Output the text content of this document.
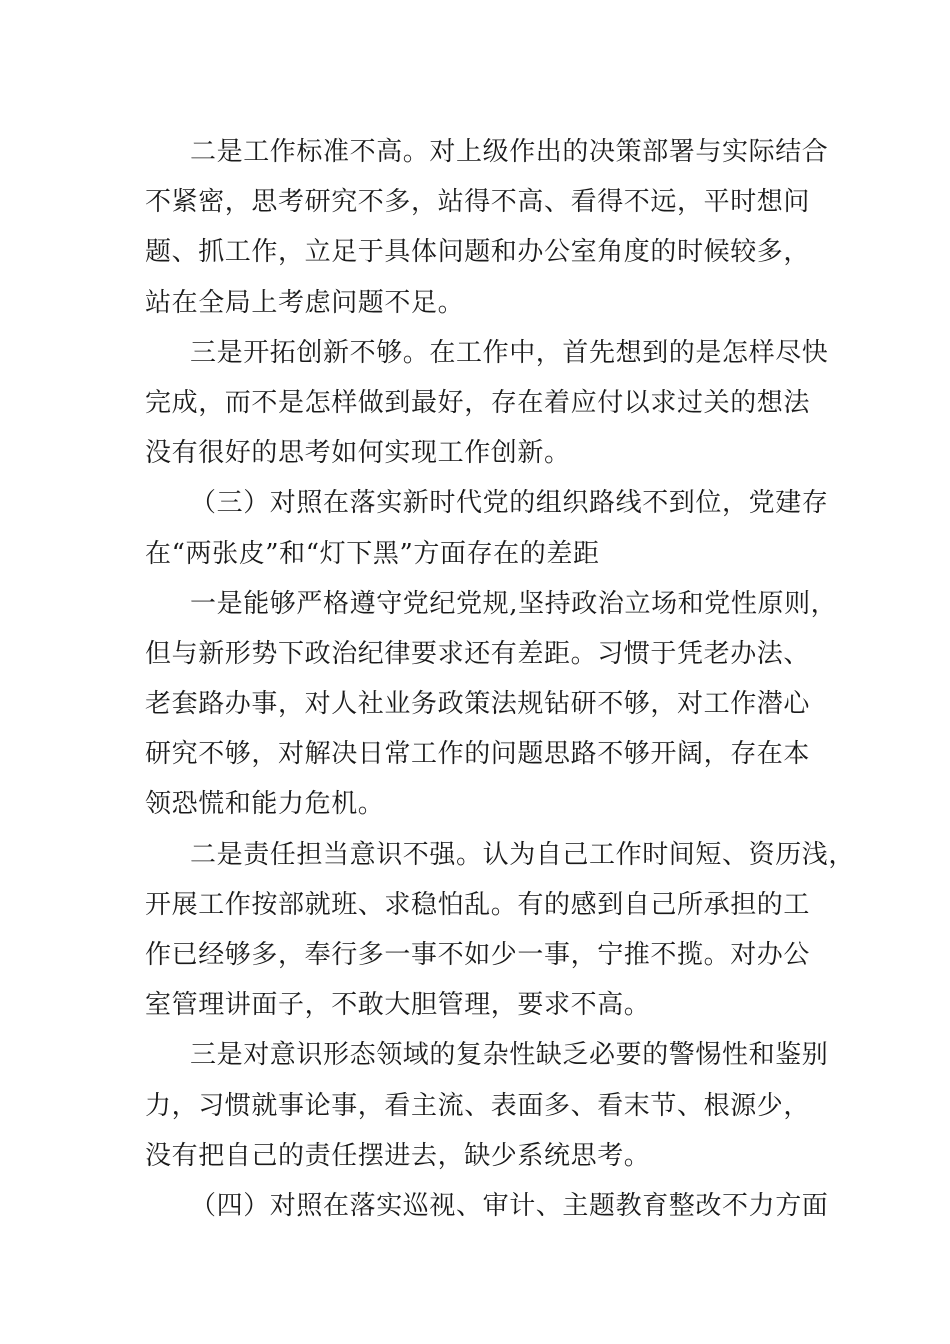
二是工作标准不高。对上级作出的决策部署与实际结合
不紧密，思考研究不多，站得不高、看得不远，平时想问
题、抓工作，立足于具体问题和办公室角度的时候较多，
站在全局上考虑问题不足。
三是开拓创新不够。在工作中，首先想到的是怎样尽快
完成，而不是怎样做到最好，存在着应付以求过关的想法
没有很好的思考如何实现工作创新。
（三）对照在落实新时代党的组织路线不到位，党建存
在“两张皮”和“灯下黑”方面存在的差距
一是能够严格遵守党纪党规,坚持政治立场和党性原则，
但与新形势下政治纪律要求还有差距。习惯于凭老办法、
老套路办事，对人社业务政策法规钻研不够，对工作潜心
研究不够，对解决日常工作的问题思路不够开阔，存在本
领恐慌和能力危机。
二是责任担当意识不强。认为自己工作时间短、资历浅，
开展工作按部就班、求稳怕乱。有的感到自己所承担的工
作已经够多，奉行多一事不如少一事，宁推不揽。对办公
室管理讲面子，不敢大胆管理，要求不高。
三是对意识形态领域的复杂性缺乏必要的警惕性和鉴别
力，习惯就事论事，看主流、表面多、看末节、根源少，
没有把自己的责任摆进去，缺少系统思考。
（四）对照在落实巡视、审计、主题教育整改不力方面
